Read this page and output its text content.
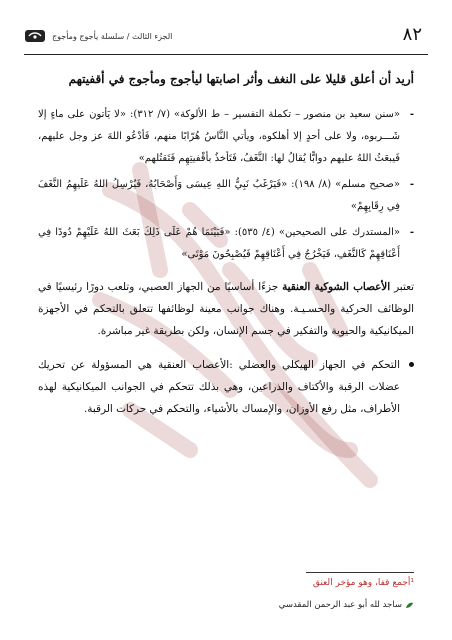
الجزء الثالث / سلسلة يأجوج ومأجوج	٨٢
أريد أن أعلق قليلا على النغف وأثر اصابتها ليأجوج ومأجوج في أقفيتهم
-
«سنن سعيد بن منصور – تكملة التفسير – ط الألوكة» (٧/ ٣١٢): «لا يَأتون على ماءٍ إلا شَـــربوه، ولا على أحدٍ إلا أهلكوه، ويأتي النَّاسُ هُرّابًا منهم، فَأدْعُو اللهَ عز وجل عليهم، فَيبعَثُ اللهُ عليهم دوابًّا يُقالُ لها: النَّغَفُ، فَتَأخذُ بأقْفيتِهِم فَتَقتُلهم»
-
«صحيح مسلم» (٨/ ١٩٨): «فَيَرْغَبُ نَبِيُّ اللهِ عِيسَى وَأَصْحَابُهُ، فَيُرْسِلُ اللهُ عَلَيهِمُ النَّغَفَ فِي رِقَابِهِمْ»
-
«المستدرك على الصحيحين» (٤/ ٥٣٥): «فَبَيْنَمَا هُمْ عَلَى ذَلِكَ بَعَثَ اللهُ عَلَيْهِمْ دُودًا فِي أَعْنَاقِهِمْ كَالنَّغَفِ، فَيَخْرُجُ فِي أَعْنَاقِهِمْ فَيُصْبِحُونَ مَوْتَى»
تعتبر الأعصاب الشوكية العنقية جزءًا أساسيًا من الجهاز العصبي، وتلعب دورًا رئيسيًا في الوظائف الحركية والحسـيـة. وهناك جوانب معينة لوظائفها تتعلق بالتحكم في الأجهزة الميكانيكية والحيوية والتفكير في جسم الإنسان، ولكن بطريقة غير مباشرة.
التحكم في الجهاز الهيكلي والعضلي :الأعصاب العنقية هي المسؤولة عن تحريك عضلات الرقبة والأكتاف والذراعين، وهي بذلك تتحكم في الجوانب الميكانيكية لهذه الأطراف، مثل رفع الأوزان، والإمساك بالأشياء، والتحكم في حركات الرقبة.
¹أجمع قفا، وهو مؤخر العنق
ساجد لله أبو عبد الرحمن المقدسي
